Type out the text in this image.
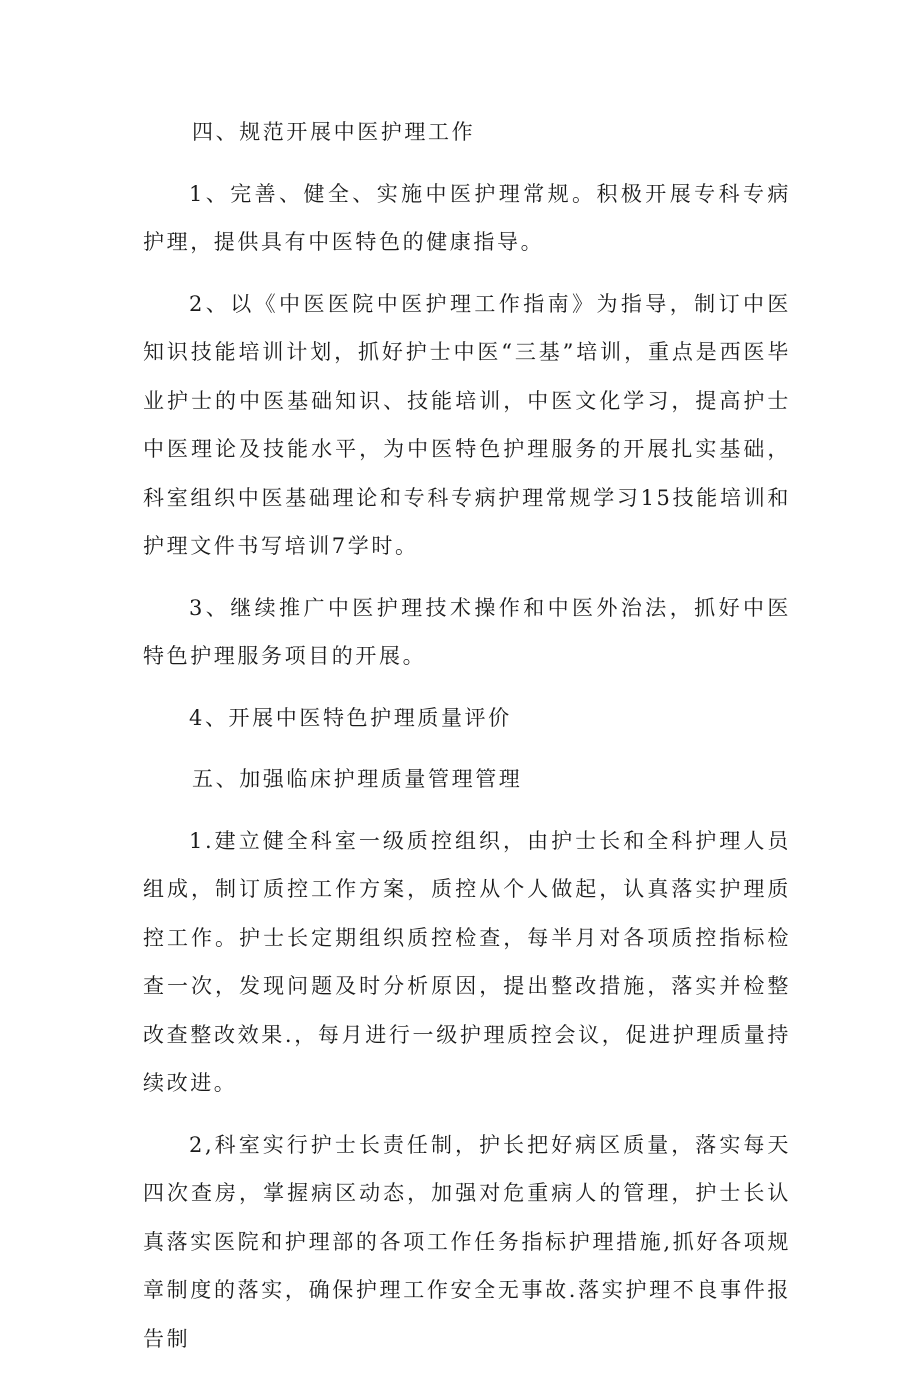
四、规范开展中医护理工作

1、完善、健全、实施中医护理常规。积极开展专科专病护理，提供具有中医特色的健康指导。

2、以《中医医院中医护理工作指南》为指导，制订中医知识技能培训计划，抓好护士中医“三基”培训，重点是西医毕业护士的中医基础知识、技能培训，中医文化学习，提高护士中医理论及技能水平，为中医特色护理服务的开展扎实基础，科室组织中医基础理论和专科专病护理常规学习15技能培训和护理文件书写培训7学时。

3、继续推广中医护理技术操作和中医外治法，抓好中医特色护理服务项目的开展。

4、开展中医特色护理质量评价

五、加强临床护理质量管理管理

1.建立健全科室一级质控组织，由护士长和全科护理人员组成，制订质控工作方案，质控从个人做起，认真落实护理质控工作。护士长定期组织质控检查，每半月对各项质控指标检查一次，发现问题及时分析原因，提出整改措施，落实并检整改查整改效果.，每月进行一级护理质控会议，促进护理质量持续改进。

2,科室实行护士长责任制，护长把好病区质量，落实每天四次查房，掌握病区动态，加强对危重病人的管理，护士长认真落实医院和护理部的各项工作任务指标护理措施,抓好各项规章制度的落实，确保护理工作安全无事故.落实护理不良事件报告制
